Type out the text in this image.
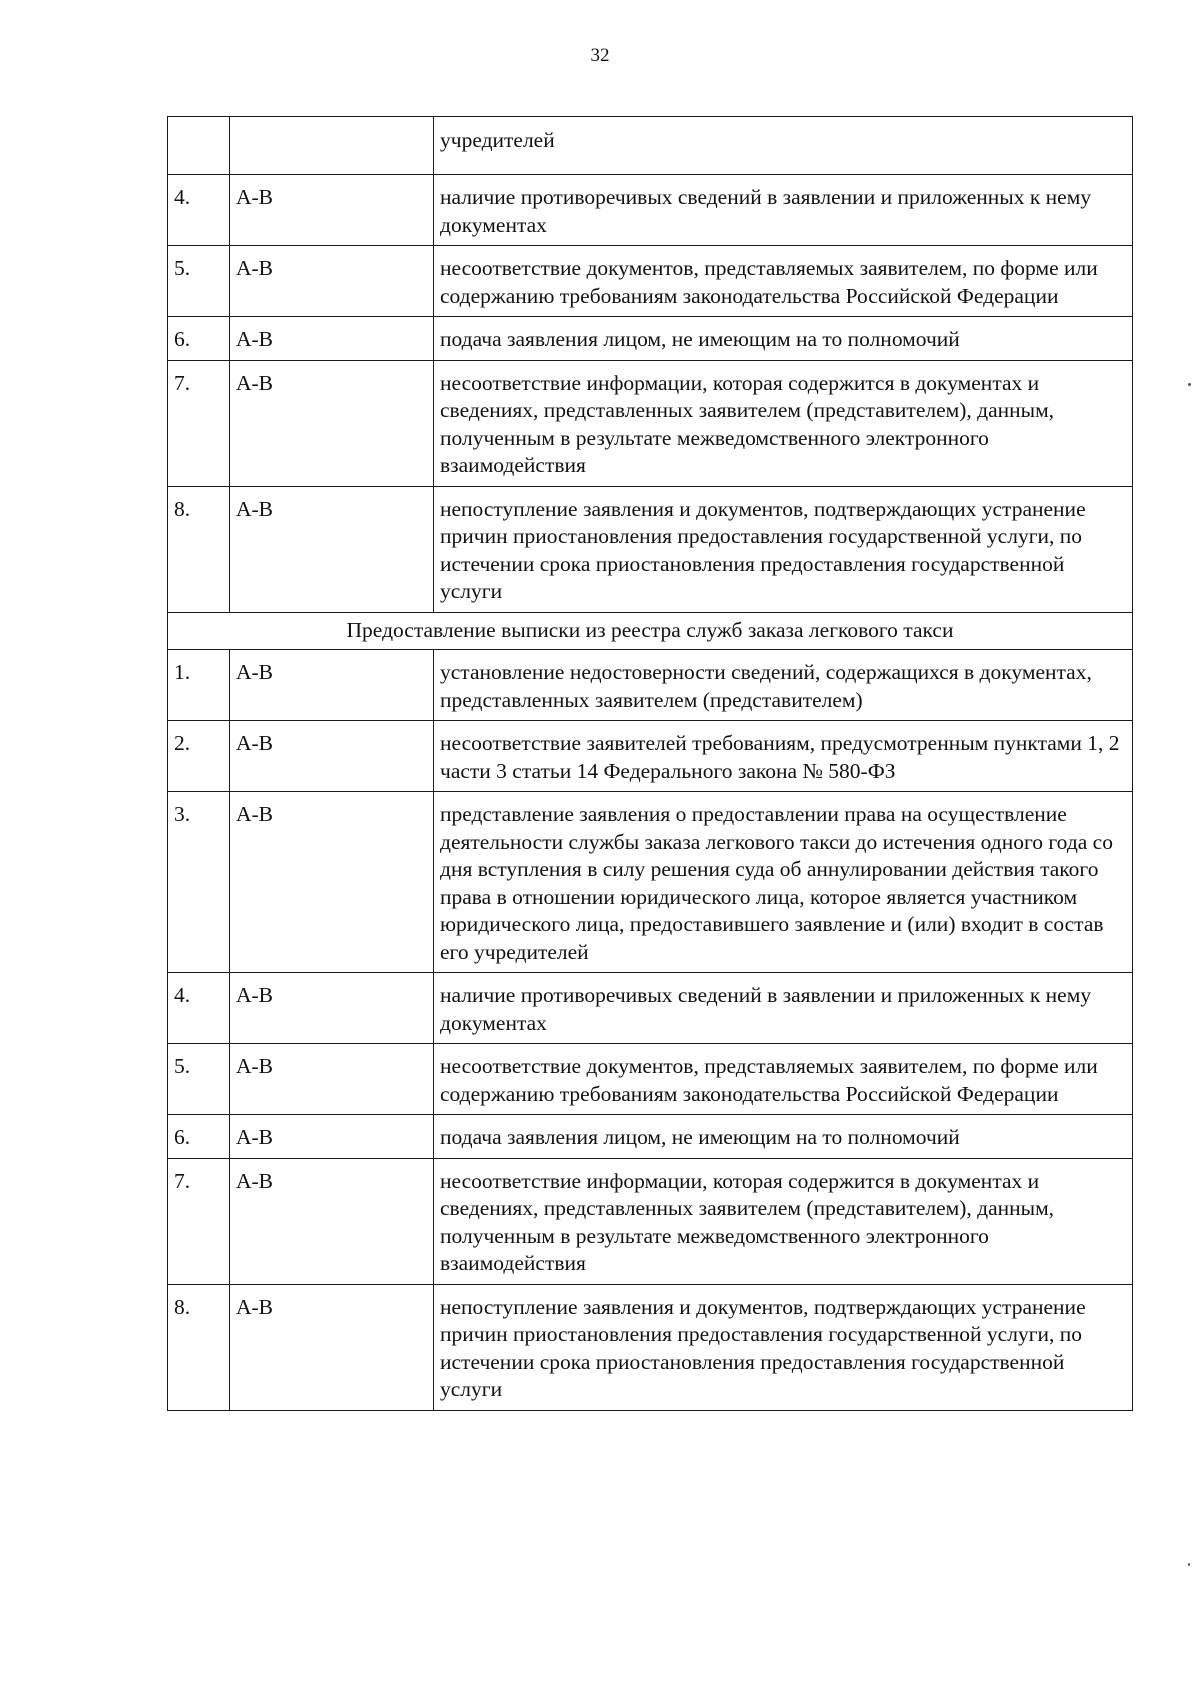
32
		учредителей
4.	А-В	наличие противоречивых сведений в заявлении и приложенных к нему документах
5.	А-В	несоответствие документов, представляемых заявителем, по форме или содержанию требованиям законодательства Российской Федерации
6.	А-В	подача заявления лицом, не имеющим на то полномочий
7.	А-В	несоответствие информации, которая содержится в документах и сведениях, представленных заявителем (представителем), данным, полученным в результате межведомственного электронного взаимодействия
8.	А-В	непоступление заявления и документов, подтверждающих устранение причин приостановления предоставления государственной услуги, по истечении срока приостановления предоставления государственной услуги
Предоставление выписки из реестра служб заказа легкового такси		
1.	А-В	установление недостоверности сведений, содержащихся в документах, представленных заявителем (представителем)
2.	А-В	несоответствие заявителей требованиям, предусмотренным пунктами 1, 2 части 3 статьи 14 Федерального закона № 580-ФЗ
3.	А-В	представление заявления о предоставлении права на осуществление деятельности службы заказа легкового такси до истечения одного года со дня вступления в силу решения суда об аннулировании действия такого права в отношении юридического лица, которое является участником юридического лица, предоставившего заявление и (или) входит в состав его учредителей
4.	А-В	наличие противоречивых сведений в заявлении и приложенных к нему документах
5.	А-В	несоответствие документов, представляемых заявителем, по форме или содержанию требованиям законодательства Российской Федерации
6.	А-В	подача заявления лицом, не имеющим на то полномочий
7.	А-В	несоответствие информации, которая содержится в документах и сведениях, представленных заявителем (представителем), данным, полученным в результате межведомственного электронного взаимодействия
8.	А-В	непоступление заявления и документов, подтверждающих устранение причин приостановления предоставления государственной услуги, по истечении срока приостановления предоставления государственной услуги
